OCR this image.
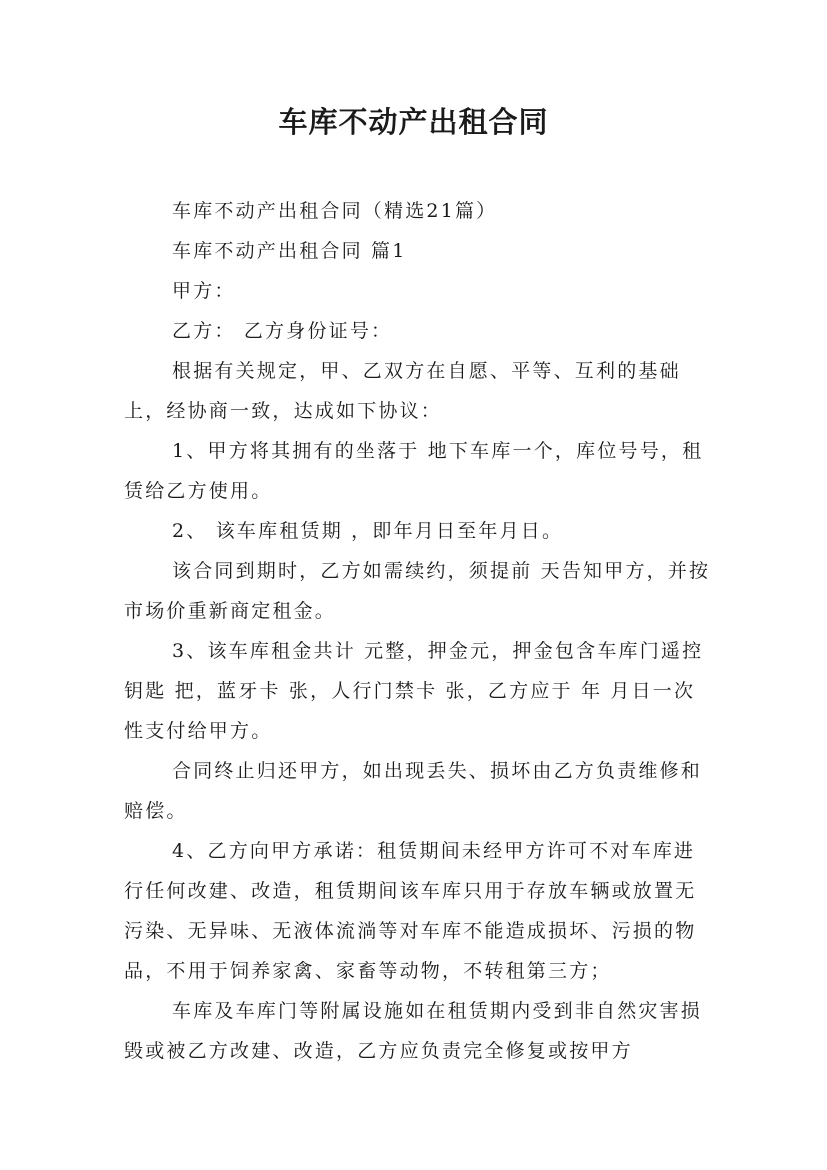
车库不动产出租合同

车库不动产出租合同（精选21篇）

车库不动产出租合同 篇1

甲方：

乙方： 乙方身份证号：

根据有关规定，甲、乙双方在自愿、平等、互利的基础上，经协商一致，达成如下协议：

1、甲方将其拥有的坐落于 地下车库一个，库位号号，租赁给乙方使用。

2、 该车库租赁期 ，即年月日至年月日。

该合同到期时，乙方如需续约，须提前 天告知甲方，并按市场价重新商定租金。

3、该车库租金共计 元整，押金元，押金包含车库门遥控钥匙 把，蓝牙卡 张，人行门禁卡 张，乙方应于 年 月日一次性支付给甲方。

合同终止归还甲方，如出现丢失、损坏由乙方负责维修和赔偿。

4、乙方向甲方承诺：租赁期间未经甲方许可不对车库进行任何改建、改造，租赁期间该车库只用于存放车辆或放置无污染、无异味、无液体流淌等对车库不能造成损坏、污损的物品，不用于饲养家禽、家畜等动物，不转租第三方；

车库及车库门等附属设施如在租赁期内受到非自然灾害损毁或被乙方改建、改造，乙方应负责完全修复或按甲方
